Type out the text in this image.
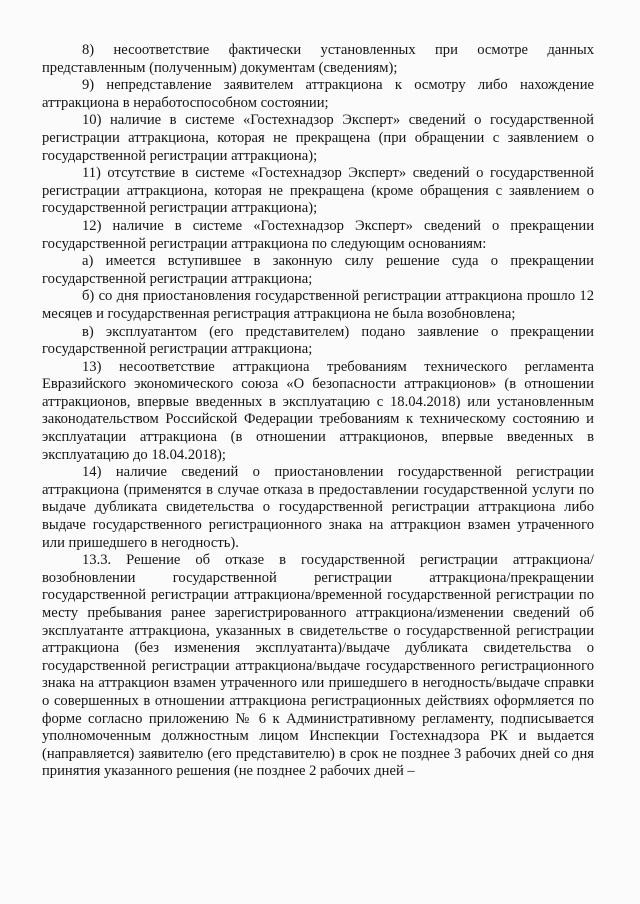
8) несоответствие фактически установленных при осмотре данных представленным (полученным) документам (сведениям);

9) непредставление заявителем аттракциона к осмотру либо нахождение аттракциона в неработоспособном состоянии;

10) наличие в системе «Гостехнадзор Эксперт» сведений о государственной регистрации аттракциона, которая не прекращена (при обращении с заявлением о государственной регистрации аттракциона);

11) отсутствие в системе «Гостехнадзор Эксперт» сведений о государственной регистрации аттракциона, которая не прекращена (кроме обращения с заявлением о государственной регистрации аттракциона);

12) наличие в системе «Гостехнадзор Эксперт» сведений о прекращении государственной регистрации аттракциона по следующим основаниям:

а) имеется вступившее в законную силу решение суда о прекращении государственной регистрации аттракциона;

б) со дня приостановления государственной регистрации аттракциона прошло 12 месяцев и государственная регистрация аттракциона не была возобновлена;

в) эксплуатантом (его представителем) подано заявление о прекращении государственной регистрации аттракциона;

13) несоответствие аттракциона требованиям технического регламента Евразийского экономического союза «О безопасности аттракционов» (в отношении аттракционов, впервые введенных в эксплуатацию с 18.04.2018) или установленным законодательством Российской Федерации требованиям к техническому состоянию и эксплуатации аттракциона (в отношении аттракционов, впервые введенных в эксплуатацию до 18.04.2018);

14) наличие сведений о приостановлении государственной регистрации аттракциона (применятся в случае отказа в предоставлении государственной услуги по выдаче дубликата свидетельства о государственной регистрации аттракциона либо выдаче государственного регистрационного знака на аттракцион взамен утраченного или пришедшего в негодность).

13.3. Решение об отказе в государственной регистрации аттракциона/возобновлении государственной регистрации аттракциона/прекращении государственной регистрации аттракциона/временной государственной регистрации по месту пребывания ранее зарегистрированного аттракциона/изменении сведений об эксплуатанте аттракциона, указанных в свидетельстве о государственной регистрации аттракциона (без изменения эксплуатанта)/выдаче дубликата свидетельства о государственной регистрации аттракциона/выдаче государственного регистрационного знака на аттракцион взамен утраченного или пришедшего в негодность/выдаче справки о совершенных в отношении аттракциона регистрационных действиях оформляется по форме согласно приложению № 6 к Административному регламенту, подписывается уполномоченным должностным лицом Инспекции Гостехнадзора РК и выдается (направляется) заявителю (его представителю) в срок не позднее 3 рабочих дней со дня принятия указанного решения (не позднее 2 рабочих дней –
